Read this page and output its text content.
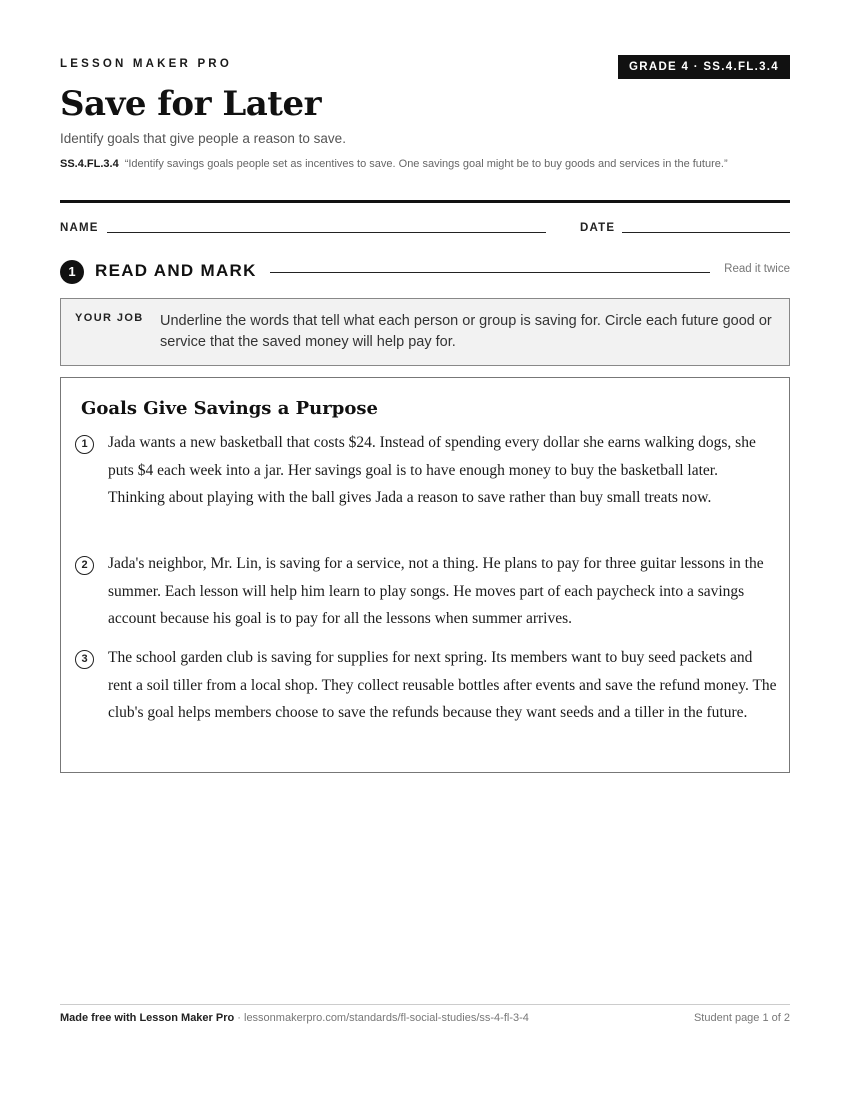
LESSON MAKER PRO	GRADE 4 · SS.4.FL.3.4
Save for Later
Identify goals that give people a reason to save.
SS.4.FL.3.4 “Identify savings goals people set as incentives to save. One savings goal might be to buy goods and services in the future.”
NAME	DATE
1	READ AND MARK	Read it twice
YOUR JOB Underline the words that tell what each person or group is saving for. Circle each future good or service that the saved money will help pay for.
Goals Give Savings a Purpose
1	Jada wants a new basketball that costs $24. Instead of spending every dollar she earns walking dogs, she puts $4 each week into a jar. Her savings goal is to have enough money to buy the basketball later. Thinking about playing with the ball gives Jada a reason to save rather than buy small treats now.
2	Jada's neighbor, Mr. Lin, is saving for a service, not a thing. He plans to pay for three guitar lessons in the summer. Each lesson will help him learn to play songs. He moves part of each paycheck into a savings account because his goal is to pay for all the lessons when summer arrives.
3	The school garden club is saving for supplies for next spring. Its members want to buy seed packets and rent a soil tiller from a local shop. They collect reusable bottles after events and save the refund money. The club's goal helps members choose to save the refunds because they want seeds and a tiller in the future.
Made free with Lesson Maker Pro · lessonmakerpro.com/standards/fl-social-studies/ss-4-fl-3-4	Student page 1 of 2
